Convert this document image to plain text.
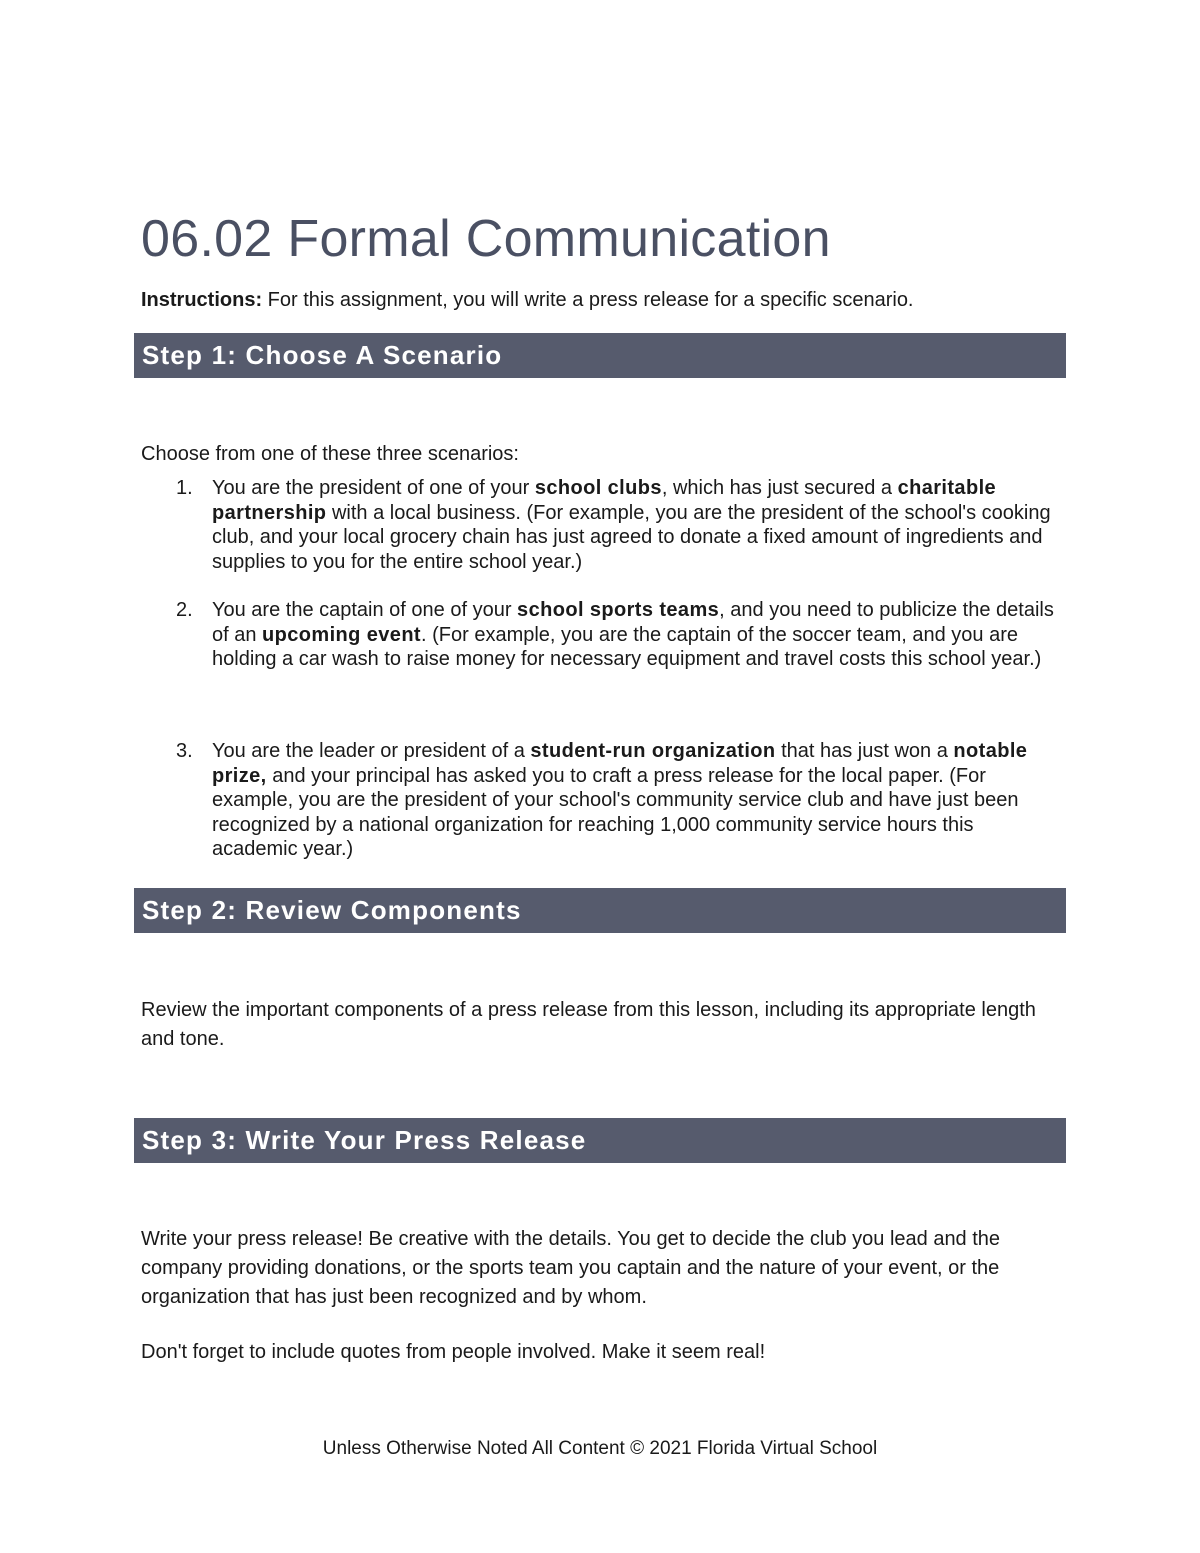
06.02 Formal Communication

Instructions: For this assignment, you will write a press release for a specific scenario.

Step 1: Choose A Scenario

Choose from one of these three scenarios:

1. You are the president of one of your school clubs, which has just secured a charitable partnership with a local business. (For example, you are the president of the school's cooking club, and your local grocery chain has just agreed to donate a fixed amount of ingredients and supplies to you for the entire school year.)
2. You are the captain of one of your school sports teams, and you need to publicize the details of an upcoming event. (For example, you are the captain of the soccer team, and you are holding a car wash to raise money for necessary equipment and travel costs this school year.)
3. You are the leader or president of a student-run organization that has just won a notable prize, and your principal has asked you to craft a press release for the local paper. (For example, you are the president of your school's community service club and have just been recognized by a national organization for reaching 1,000 community service hours this academic year.)
Step 2: Review Components

Review the important components of a press release from this lesson, including its appropriate length and tone.

Step 3: Write Your Press Release

Write your press release! Be creative with the details. You get to decide the club you lead and the company providing donations, or the sports team you captain and the nature of your event, or the organization that has just been recognized and by whom.

Don't forget to include quotes from people involved. Make it seem real!

Unless Otherwise Noted All Content © 2021 Florida Virtual School
